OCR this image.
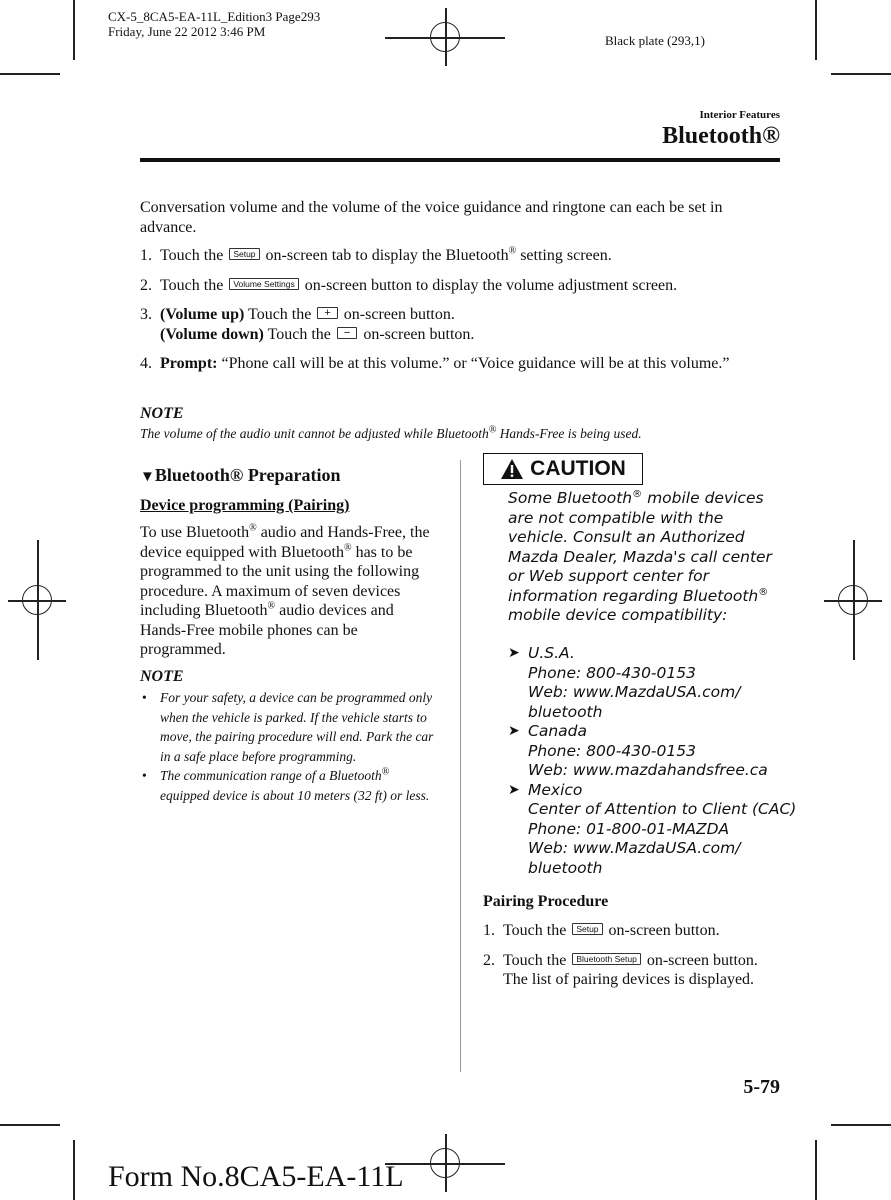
CX-5_8CA5-EA-11L_Edition3 Page293
Friday, June 22 2012 3:46 PM
Black plate (293,1)
Interior Features
Bluetooth®
Conversation volume and the volume of the voice guidance and ringtone can each be set in advance.
1. Touch the Setup on-screen tab to display the Bluetooth® setting screen.
2. Touch the Volume Settings on-screen button to display the volume adjustment screen.
3. (Volume up) Touch the + on-screen button.
(Volume down) Touch the − on-screen button.
4. Prompt: “Phone call will be at this volume.” or “Voice guidance will be at this volume.”
NOTE
The volume of the audio unit cannot be adjusted while Bluetooth® Hands-Free is being used.
▼Bluetooth® Preparation
Device programming (Pairing)
To use Bluetooth® audio and Hands-Free, the device equipped with Bluetooth® has to be programmed to the unit using the following procedure. A maximum of seven devices including Bluetooth® audio devices and Hands-Free mobile phones can be programmed.
NOTE
• For your safety, a device can be programmed only when the vehicle is parked. If the vehicle starts to move, the pairing procedure will end. Park the car in a safe place before programming.
• The communication range of a Bluetooth® equipped device is about 10 meters (32 ft) or less.
CAUTION
Some Bluetooth® mobile devices are not compatible with the vehicle. Consult an Authorized Mazda Dealer, Mazda's call center or Web support center for information regarding Bluetooth® mobile device compatibility:
➤ U.S.A.
Phone: 800-430-0153
Web: www.MazdaUSA.com/
bluetooth
➤ Canada
Phone: 800-430-0153
Web: www.mazdahandsfree.ca
➤ Mexico
Center of Attention to Client (CAC)
Phone: 01-800-01-MAZDA
Web: www.MazdaUSA.com/
bluetooth
Pairing Procedure
1. Touch the Setup on-screen button.
2. Touch the Bluetooth Setup on-screen button. The list of pairing devices is displayed.
5-79
Form No.8CA5-EA-11L
